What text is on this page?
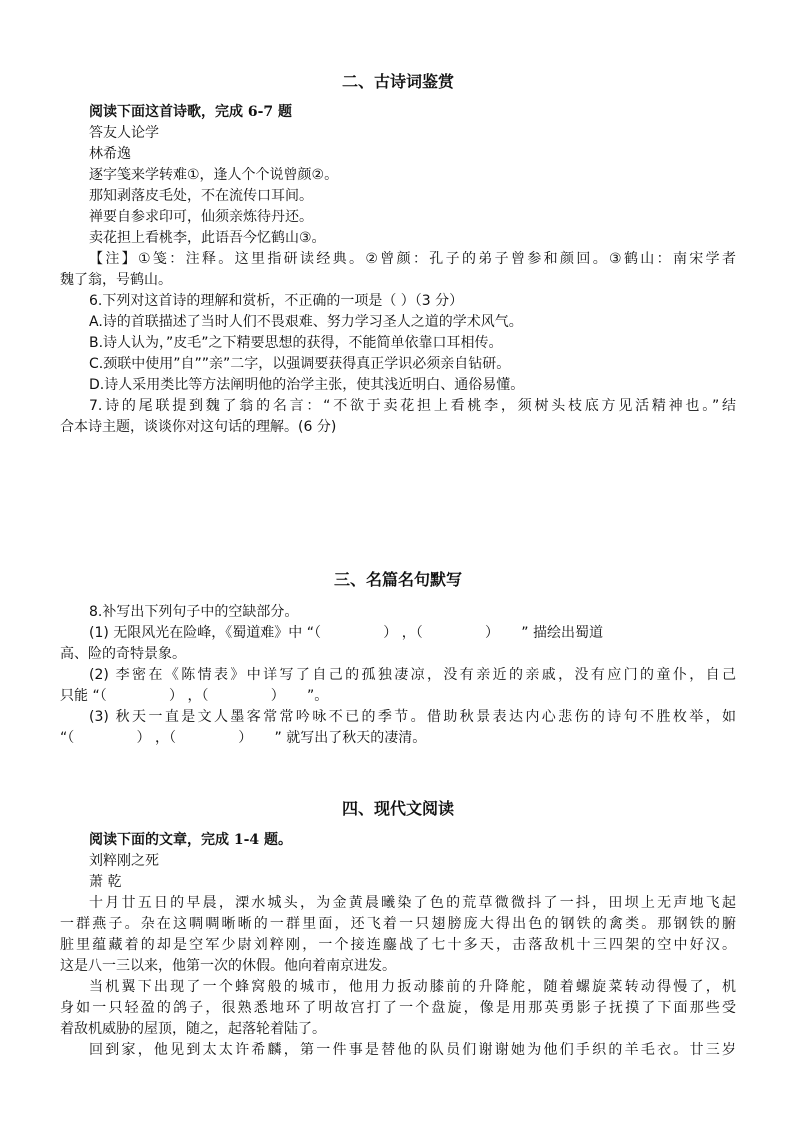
二、古诗词鉴赏
阅读下面这首诗歌，完成 6-7 题
答友人论学
林希逸
逐字笺来学转难①，逢人个个说曾颜②。
那知剥落皮毛处，不在流传口耳间。
禅要自参求印可，仙须亲炼待丹还。
卖花担上看桃李，此语吾今忆鹤山③。
【注】①笺：注释。这里指研读经典。②曾颜：孔子的弟子曾参和颜回。③鹤山：南宋学者
魏了翁，号鹤山。
6.下列对这首诗的理解和赏析，不正确的一项是（ ）（3 分）
A.诗的首联描述了当时人们不畏艰难、努力学习圣人之道的学术风气。
B.诗人认为，”皮毛”之下精要思想的获得，不能简单依靠口耳相传。
C.颈联中使用”自””亲”二字，以强调要获得真正学识必须亲自钻研。
D.诗人采用类比等方法阐明他的治学主张，使其浅近明白、通俗易懂。
7.诗的尾联提到魏了翁的名言：“不欲于卖花担上看桃李，须树头枝底方见活精神也。”结
合本诗主题，谈谈你对这句话的理解。(6 分)
三、名篇名句默写
8.补写出下列句子中的空缺部分。
(1) 无限风光在险峰，《蜀道难》中 “（              ） ，（              ）     ” 描绘出蜀道
高、险的奇特景象。
(2) 李密在《陈情表》中详写了自己的孤独凄凉，没有亲近的亲戚，没有应门的童仆，自己
只能 “（              ） ，（              ）     ”。
(3) 秋天一直是文人墨客常常吟咏不已的季节。借助秋景表达内心悲伤的诗句不胜枚举，如
“（              ） ，（              ）     ” 就写出了秋天的凄清。
四、现代文阅读
阅读下面的文章，完成 1-4 题。
刘粹刚之死
萧 乾
十月廿五日的早晨，溧水城头，为金黄晨曦染了色的荒草微微抖了一抖，田坝上无声地飞起
一群燕子。杂在这啁啁晰晰的一群里面，还飞着一只翅膀庞大得出色的钢铁的禽类。那钢铁的腑
脏里蕴藏着的却是空军少尉刘粹刚，一个接连鏖战了七十多天，击落敌机十三四架的空中好汉。
这是八一三以来，他第一次的休假。他向着南京进发。
当机翼下出现了一个蜂窝般的城市，他用力扳动膝前的升降舵，随着螺旋菜转动得慢了，机
身如一只轻盈的鸽子，很熟悉地环了明故宫打了一个盘旋，像是用那英勇影子抚摸了下面那些受
着敌机威胁的屋顶，随之，起落轮着陆了。
回到家，他见到太太许希麟，第一件事是替他的队员们谢谢她为他们手织的羊毛衣。廿三岁
